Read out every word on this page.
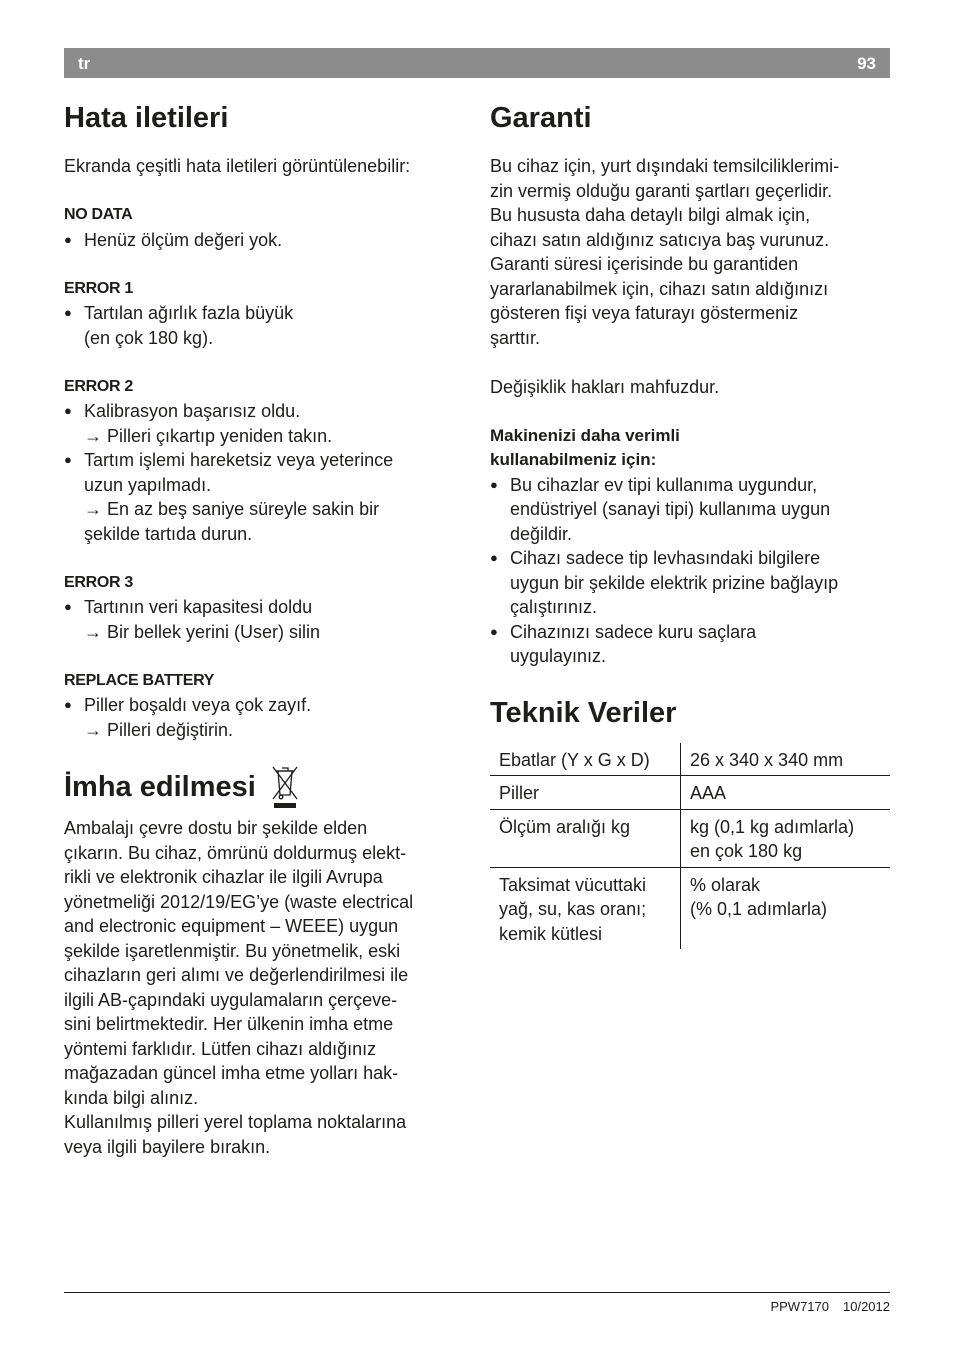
tr	93
Hata iletileri

Ekranda çeşitli hata iletileri görüntülenebilir:

NO DATA
● Henüz ölçüm değeri yok.
ERROR 1
● Tartılan ağırlık fazla büyük
(en çok 180 kg).
ERROR 2
● Kalibrasyon başarısız oldu.
→ Pilleri çıkartıp yeniden takın.
● Tartım işlemi hareketsiz veya yeterince
uzun yapılmadı.
→ En az beş saniye süreyle sakin bir
şekilde tartıda durun.
ERROR 3
● Tartının veri kapasitesi doldu
→ Bir bellek yerini (User) silin
REPLACE BATTERY
● Piller boşaldı veya çok zayıf.
→ Pilleri değiştirin.
İmha edilmesi

Ambalajı çevre dostu bir şekilde elden

çıkarın. Bu cihaz, ömrünü doldurmuş elekt-

rikli ve elektronik cihazlar ile ilgili Avrupa

yönetmeliği 2012/19/EG’ye (waste electrical

and electronic equipment – WEEE) uygun

şekilde işaretlenmiştir. Bu yönetmelik, eski

cihazların geri alımı ve değerlendirilmesi ile

ilgili AB-çapındaki uygulamaların çerçeve-

sini belirtmektedir. Her ülkenin imha etme

yöntemi farklıdır. Lütfen cihazı aldığınız

mağazadan güncel imha etme yolları hak-

kında bilgi alınız.

Kullanılmış pilleri yerel toplama noktalarına

veya ilgili bayilere bırakın.

Garanti

Bu cihaz için, yurt dışındaki temsilciliklerimi-

zin vermiş olduğu garanti şartları geçerlidir.

Bu hususta daha detaylı bilgi almak için,

cihazı satın aldığınız satıcıya baş vurunuz.

Garanti süresi içerisinde bu garantiden

yararlanabilmek için, cihazı satın aldığınızı

gösteren fişi veya faturayı göstermeniz

şarttır.

Değişiklik hakları mahfuzdur.

Makinenizi daha verimli

kullanabilmeniz için:

● Bu cihazlar ev tipi kullanıma uygundur,
endüstriyel (sanayi tipi) kullanıma uygun
değildir.
● Cihazı sadece tip levhasındaki bilgilere
uygun bir şekilde elektrik prizine bağlayıp
çalıştırınız.
● Cihazınızı sadece kuru saçlara
uygulayınız.
Teknik Veriler
Ebatlar (Y x G x D)	26 x 340 x 340 mm
Piller	AAA
Ölçüm aralığı kg	kg (0,1 kg adımlarla)
en çok 180 kg
Taksimat vücuttaki
yağ, su, kas oranı;
kemik kütlesi	% olarak
(% 0,1 adımlarla)
PPW7170 10/2012
